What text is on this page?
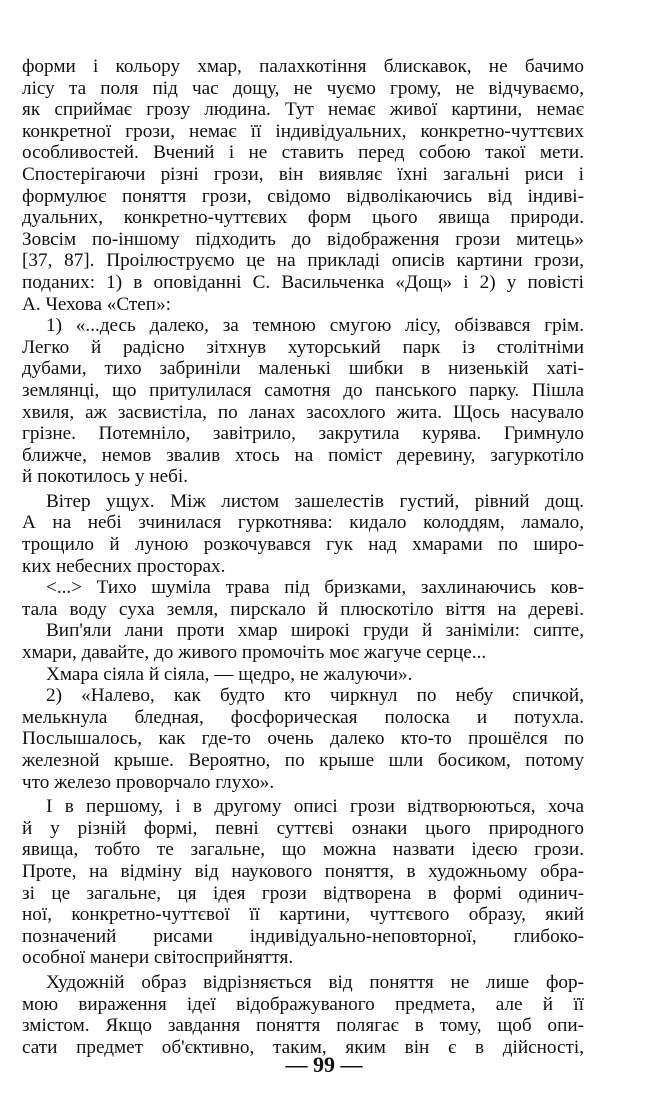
форми і кольору хмар, палахкотіння блискавок, не бачимо
лісу та поля під час дощу, не чуємо грому, не відчуваємо,
як сприймає грозу людина. Тут немає живої картини, немає
конкретної грози, немає її індивідуальних, конкретно-чуттєвих
особливостей. Вчений і не ставить перед собою такої мети.
Спостерігаючи різні грози, він виявляє їхні загальні риси і
формулює поняття грози, свідомо відволікаючись від індиві-
дуальних, конкретно-чуттєвих форм цього явища природи.
Зовсім по-іншому підходить до відображення грози митець»
[37, 87]. Проілюструємо це на прикладі описів картини грози,
поданих: 1) в оповіданні С. Васильченка «Дощ» і 2) у повісті
А. Чехова «Степ»:
1) «...десь далеко, за темною смугою лісу, обізвався грім.
Легко й радісно зітхнув хуторський парк із столітніми
дубами, тихо забриніли маленькі шибки в низенькій хаті-
землянці, що притулилася самотня до панського парку. Пішла
хвиля, аж засвистіла, по ланах засохлого жита. Щось насувало
грізне. Потемніло, завітрило, закрутила курява. Гримнуло
ближче, немов звалив хтось на поміст деревину, загуркотіло
й покотилось у небі.
Вітер ущух. Між листом зашелестів густий, рівний дощ.
А на небі зчинилася гуркотнява: кидало колоддям, ламало,
трощило й луною розкочувався гук над хмарами по широ-
ких небесних просторах.
<...> Тихо шуміла трава під бризками, захлинаючись ков-
тала воду суха земля, пирскало й плюскотіло віття на дереві.
Вип'яли лани проти хмар широкі груди й заніміли: сипте,
хмари, давайте, до живого промочіть моє жагуче серце...
Хмара сіяла й сіяла, — щедро, не жалуючи».
2) «Налево, как будто кто чиркнул по небу спичкой,
мелькнула бледная, фосфорическая полоска и потухла.
Послышалось, как где-то очень далеко кто-то прошёлся по
железной крыше. Вероятно, по крыше шли босиком, потому
что железо проворчало глухо».
І в першому, і в другому описі грози відтворюються, хоча
й у різній формі, певні суттєві ознаки цього природного
явища, тобто те загальне, що можна назвати ідеєю грози.
Проте, на відміну від наукового поняття, в художньому обра-
зі це загальне, ця ідея грози відтворена в формі одинич-
ної, конкретно-чуттєвої її картини, чуттєвого образу, який
позначений рисами індивідуально-неповторної, глибоко-
особної манери світосприйняття.
Художній образ відрізняється від поняття не лише фор-
мою вираження ідеї відображуваного предмета, але й її
змістом. Якщо завдання поняття полягає в тому, щоб опи-
сати предмет об'єктивно, таким, яким він є в дійсності,
— 99 —
